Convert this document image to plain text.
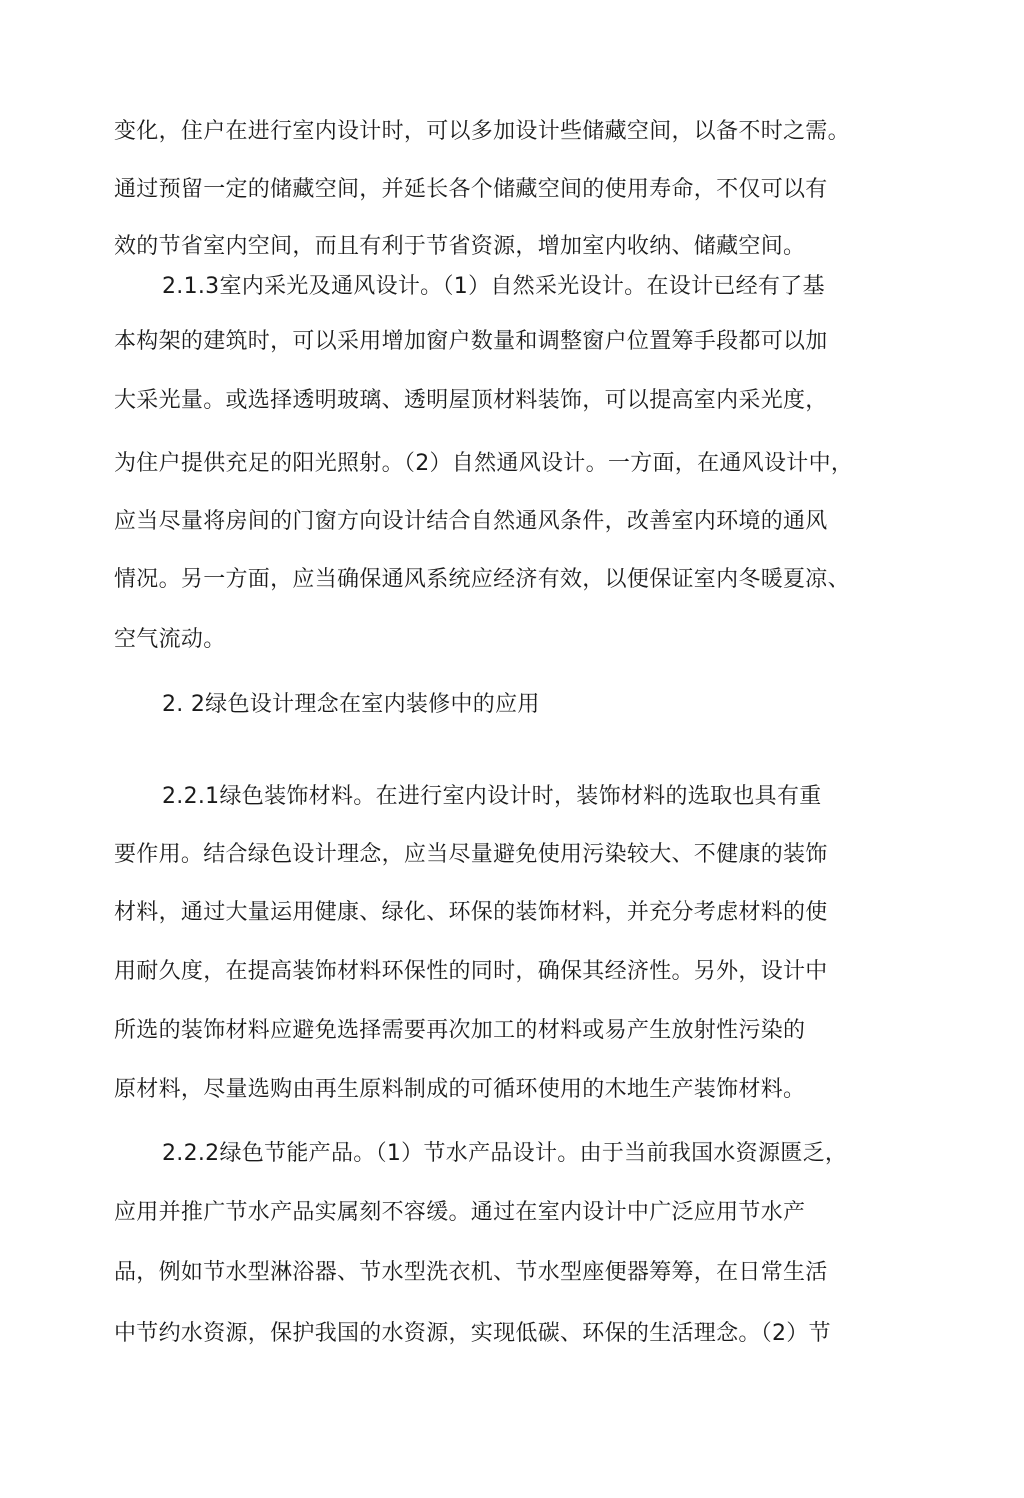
变化，住户在进行室内设计时，可以多加设计些储藏空间，以备不时之需。
通过预留一定的储藏空间，并延长各个储藏空间的使用寿命，不仅可以有
效的节省室内空间，而且有利于节省资源，增加室内收纳、储藏空间。
2.1.3室内采光及通风设计。（1）自然采光设计。在设计已经有了基
本构架的建筑时，可以采用增加窗户数量和调整窗户位置筹手段都可以加
大采光量。或选择透明玻璃、透明屋顶材料装饰，可以提高室内采光度，
为住户提供充足的阳光照射。（2）自然通风设计。一方面，在通风设计中，
应当尽量将房间的门窗方向设计结合自然通风条件，改善室内环境的通风
情况。另一方面，应当确保通风系统应经济有效，以便保证室内冬暖夏凉、
空气流动。
2. 2绿色设计理念在室内装修中的应用
2.2.1绿色装饰材料。在进行室内设计时，装饰材料的选取也具有重
要作用。结合绿色设计理念，应当尽量避免使用污染较大、不健康的装饰
材料，通过大量运用健康、绿化、环保的装饰材料，并充分考虑材料的使
用耐久度，在提高装饰材料环保性的同时，确保其经济性。另外，设计中
所选的装饰材料应避免选择需要再次加工的材料或易产生放射性污染的
原材料，尽量选购由再生原料制成的可循环使用的木地生产装饰材料。
2.2.2绿色节能产品。（1）节水产品设计。由于当前我国水资源匮乏，
应用并推广节水产品实属刻不容缓。通过在室内设计中广泛应用节水产
品，例如节水型淋浴器、节水型洗衣机、节水型座便器筹筹，在日常生活
中节约水资源，保护我国的水资源，实现低碳、环保的生活理念。（2）节
